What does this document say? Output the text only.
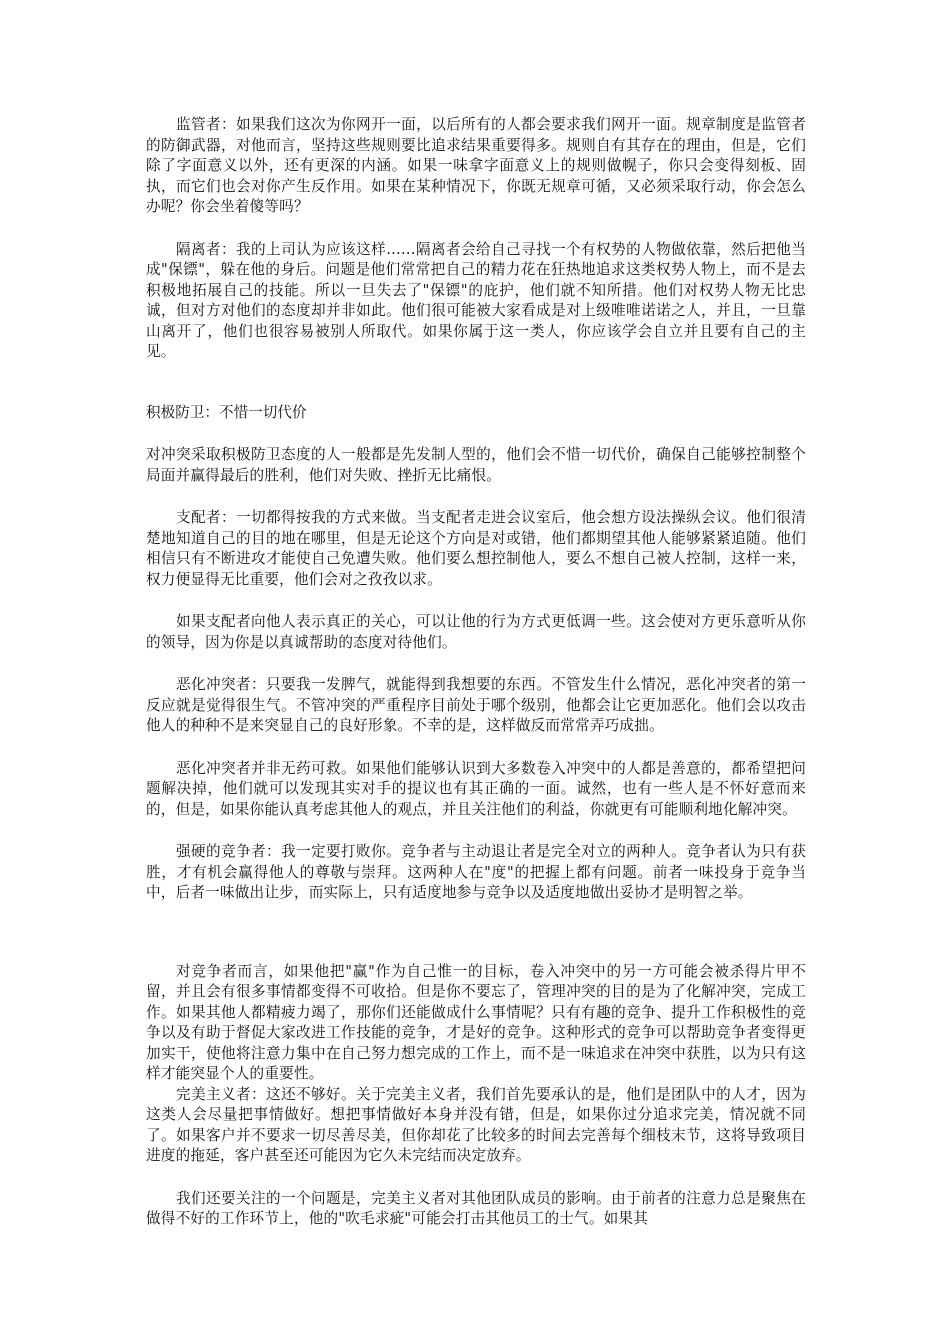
监管者：如果我们这次为你网开一面，以后所有的人都会要求我们网开一面。规章制度是监管者的防御武器，对他而言，坚持这些规则要比追求结果重要得多。规则自有其存在的理由，但是，它们除了字面意义以外，还有更深的内涵。如果一味拿字面意义上的规则做幌子，你只会变得刻板、固执，而它们也会对你产生反作用。如果在某种情况下，你既无规章可循，又必须采取行动，你会怎么办呢？你会坐着傻等吗？

隔离者：我的上司认为应该这样……隔离者会给自己寻找一个有权势的人物做依靠，然后把他当成"保镖"，躲在他的身后。问题是他们常常把自己的精力花在狂热地追求这类权势人物上，而不是去积极地拓展自己的技能。所以一旦失去了"保镖"的庇护，他们就不知所措。他们对权势人物无比忠诚，但对方对他们的态度却并非如此。他们很可能被大家看成是对上级唯唯诺诺之人，并且，一旦靠山离开了，他们也很容易被别人所取代。如果你属于这一类人，你应该学会自立并且要有自己的主见。

积极防卫：不惜一切代价

对冲突采取积极防卫态度的人一般都是先发制人型的，他们会不惜一切代价，确保自己能够控制整个局面并赢得最后的胜利，他们对失败、挫折无比痛恨。

支配者：一切都得按我的方式来做。当支配者走进会议室后，他会想方设法操纵会议。他们很清楚地知道自己的目的地在哪里，但是无论这个方向是对或错，他们都期望其他人能够紧紧追随。他们相信只有不断进攻才能使自己免遭失败。他们要么想控制他人，要么不想自己被人控制，这样一来，权力便显得无比重要，他们会对之孜孜以求。

如果支配者向他人表示真正的关心，可以让他的行为方式更低调一些。这会使对方更乐意听从你的领导，因为你是以真诚帮助的态度对待他们。

恶化冲突者：只要我一发脾气，就能得到我想要的东西。不管发生什么情况，恶化冲突者的第一反应就是觉得很生气。不管冲突的严重程序目前处于哪个级别，他都会让它更加恶化。他们会以攻击他人的种种不是来突显自己的良好形象。不幸的是，这样做反而常常弄巧成拙。

恶化冲突者并非无药可救。如果他们能够认识到大多数卷入冲突中的人都是善意的，都希望把问题解决掉，他们就可以发现其实对手的提议也有其正确的一面。诚然，也有一些人是不怀好意而来的，但是，如果你能认真考虑其他人的观点，并且关注他们的利益，你就更有可能顺利地化解冲突。

强硬的竞争者：我一定要打败你。竞争者与主动退让者是完全对立的两种人。竞争者认为只有获胜，才有机会赢得他人的尊敬与崇拜。这两种人在"度"的把握上都有问题。前者一味投身于竞争当中，后者一味做出让步，而实际上，只有适度地参与竞争以及适度地做出妥协才是明智之举。

对竞争者而言，如果他把"赢"作为自己惟一的目标，卷入冲突中的另一方可能会被杀得片甲不留，并且会有很多事情都变得不可收拾。但是你不要忘了，管理冲突的目的是为了化解冲突，完成工作。如果其他人都精疲力竭了，那你们还能做成什么事情呢？只有有趣的竞争、提升工作积极性的竞争以及有助于督促大家改进工作技能的竞争，才是好的竞争。这种形式的竞争可以帮助竞争者变得更加实干，使他将注意力集中在自己努力想完成的工作上，而不是一味追求在冲突中获胜，以为只有这样才能突显个人的重要性。

完美主义者：这还不够好。关于完美主义者，我们首先要承认的是，他们是团队中的人才，因为这类人会尽量把事情做好。想把事情做好本身并没有错，但是，如果你过分追求完美，情况就不同了。如果客户并不要求一切尽善尽美，但你却花了比较多的时间去完善每个细枝末节，这将导致项目进度的拖延，客户甚至还可能因为它久未完结而决定放弃。

我们还要关注的一个问题是，完美主义者对其他团队成员的影响。由于前者的注意力总是聚焦在做得不好的工作环节上，他的"吹毛求疵"可能会打击其他员工的士气。如果其
